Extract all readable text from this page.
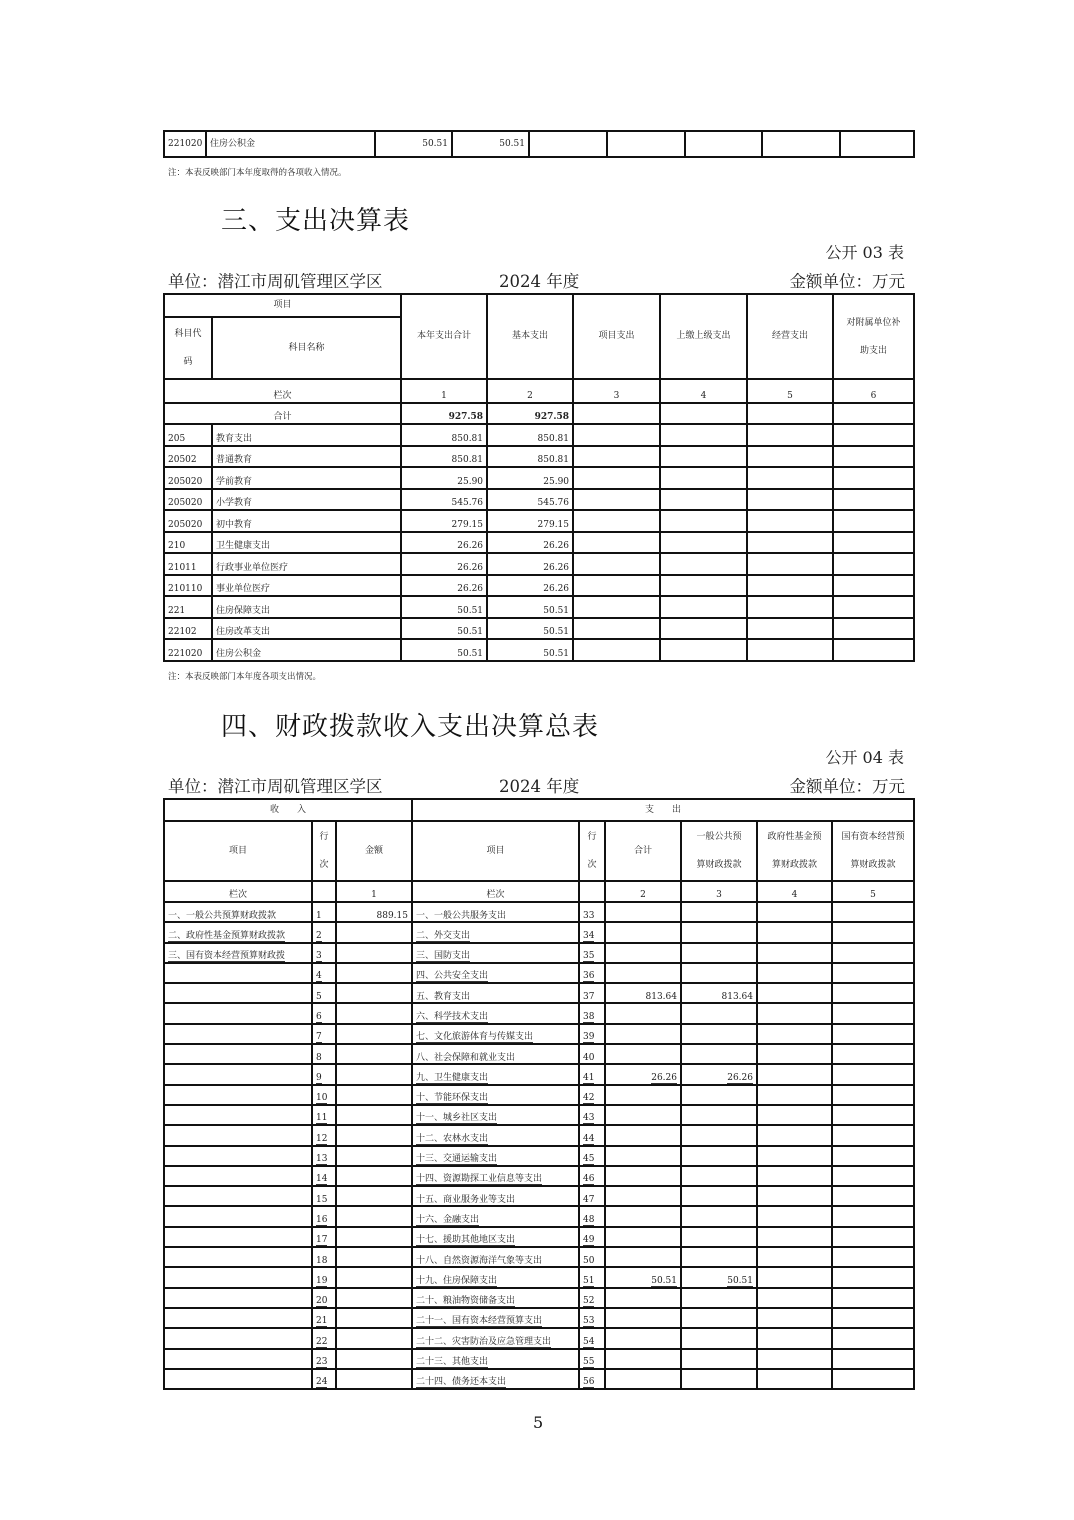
221020	住房公积金	50.51	50.51					
注：本表反映部门本年度取得的各项收入情况。
三、支出决算表
公开 03 表
单位：潜江市周矶管理区学区	2024 年度	金额单位：万元
项目		本年支出合计	基本支出	项目支出	上缴上级支出	经营支出	对附属单位补助支出
科目代码	科目名称						
栏次		1	2	3	4	5	6
合计		927.58	927.58				
205	教育支出	850.81	850.81				
20502	普通教育	850.81	850.81				
205020	学前教育	25.90	25.90				
205020	小学教育	545.76	545.76				
205020	初中教育	279.15	279.15				
210	卫生健康支出	26.26	26.26				
21011	行政事业单位医疗	26.26	26.26				
210110	事业单位医疗	26.26	26.26				
221	住房保障支出	50.51	50.51				
22102	住房改革支出	50.51	50.51				
221020	住房公积金	50.51	50.51				
注：本表反映部门本年度各项支出情况。
四、财政拨款收入支出决算总表
公开 04 表
单位：潜江市周矶管理区学区	2024 年度	金额单位：万元
收　　入			支　　出					
项目	行次	金额	项目	行次	合计	一般公共预算财政拨款	政府性基金预算财政拨款	国有资本经营预算财政拨款
栏次		1	栏次		2	3	4	5
一、一般公共预算财政拨款	1	889.15	一、一般公共服务支出	33				
二、政府性基金预算财政拨款	2		二、外交支出	34				
三、国有资本经营预算财政拨	3		三、国防支出	35				
	4		四、公共安全支出	36				
	5		五、教育支出	37	813.64	813.64		
	6		六、科学技术支出	38				
	7		七、文化旅游体育与传媒支出	39				
	8		八、社会保障和就业支出	40				
	9		九、卫生健康支出	41	26.26	26.26		
	10		十、节能环保支出	42				
	11		十一、城乡社区支出	43				
	12		十二、农林水支出	44				
	13		十三、交通运输支出	45				
	14		十四、资源勘探工业信息等支出	46				
	15		十五、商业服务业等支出	47				
	16		十六、金融支出	48				
	17		十七、援助其他地区支出	49				
	18		十八、自然资源海洋气象等支出	50				
	19		十九、住房保障支出	51	50.51	50.51		
	20		二十、粮油物资储备支出	52				
	21		二十一、国有资本经营预算支出	53				
	22		二十二、灾害防治及应急管理支出	54				
	23		二十三、其他支出	55				
	24		二十四、债务还本支出	56				
5
